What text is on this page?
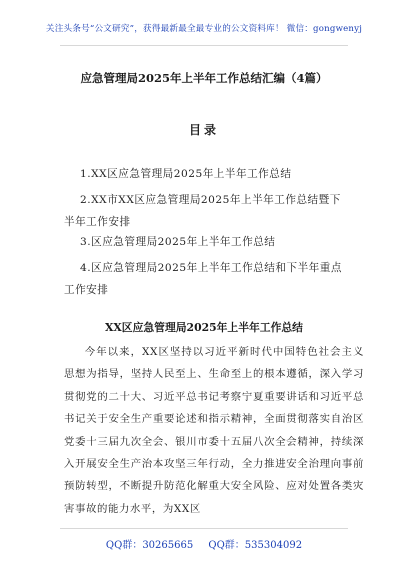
关注头条号“公文研究”，获得最新最全最专业的公文资料库！ 微信：gongwenyj
应急管理局2025年上半年工作总结汇编（4篇）
目录
1.XX区应急管理局2025年上半年工作总结
2.XX市XX区应急管理局2025年上半年工作总结暨下
半年工作安排
3.区应急管理局2025年上半年工作总结
4.区应急管理局2025年上半年工作总结和下半年重点
工作安排
XX区应急管理局2025年上半年工作总结
今年以来，XX区坚持以习近平新时代中国特色社会主义思想为指导，坚持人民至上、生命至上的根本遵循，深入学习贯彻党的二十大、习近平总书记考察宁夏重要讲话和习近平总书记关于安全生产重要论述和指示精神，全面贯彻落实自治区党委十三届九次全会、银川市委十五届八次全会精神，持续深入开展安全生产治本攻坚三年行动，全力推进安全治理向事前预防转型，不断提升防范化解重大安全风险、应对处置各类灾害事故的能力水平，为XX区
QQ群：30265665 QQ群：535304092
